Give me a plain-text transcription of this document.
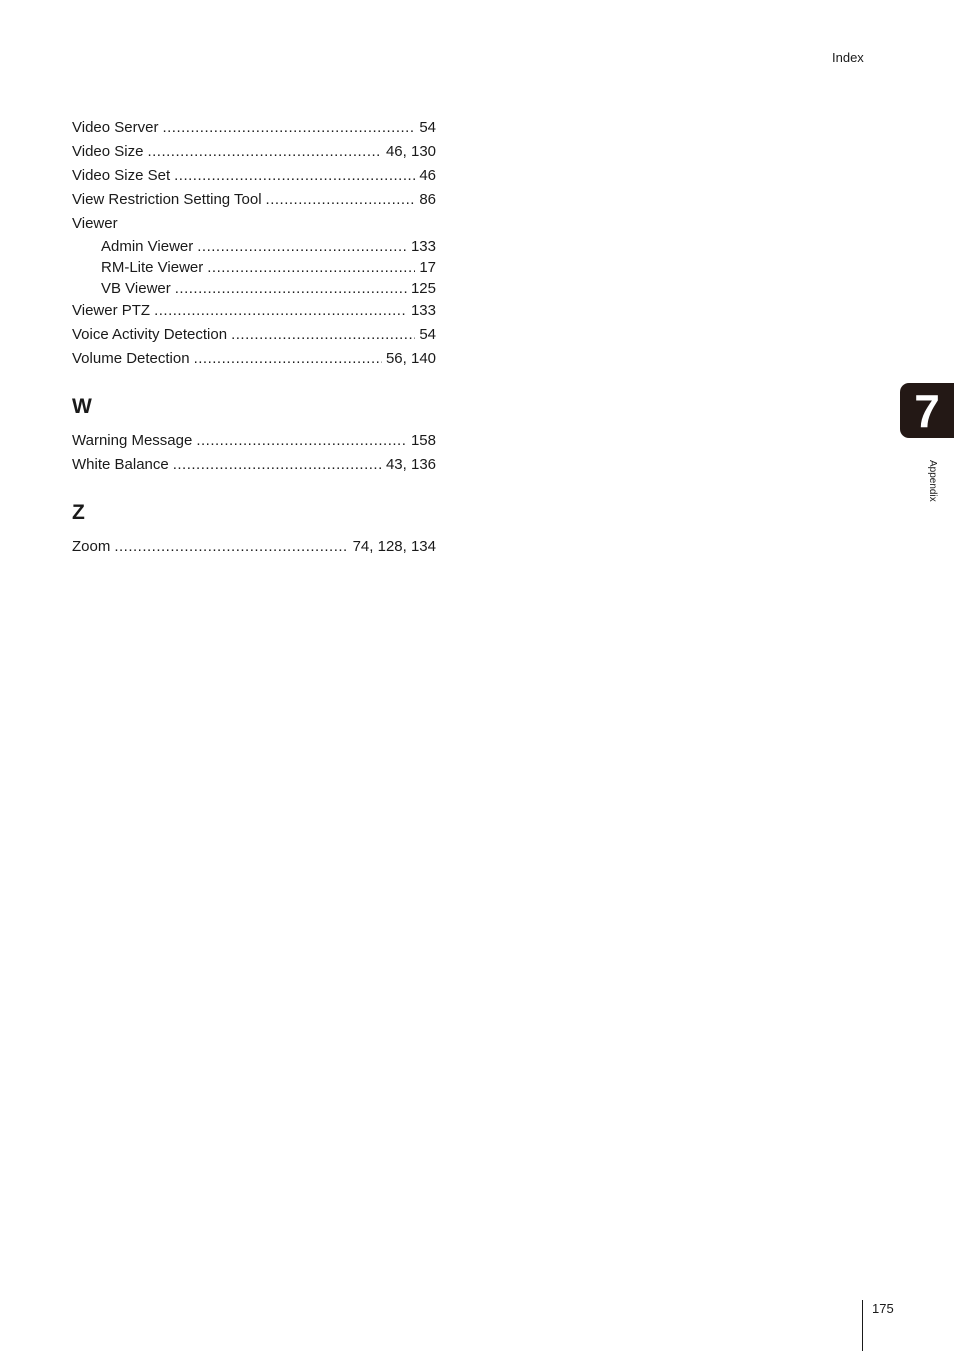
Index
Video Server .....	54
Video Size .....	46, 130
Video Size Set .....	46
View Restriction Setting Tool .....	86
Viewer
Admin Viewer .....	133
RM-Lite Viewer .....	17
VB Viewer .....	125
Viewer PTZ .....	133
Voice Activity Detection .....	54
Volume Detection .....	56, 140
W
Warning Message .....	158
White Balance .....	43, 136
Z
Zoom .....	74, 128, 134
7
Appendix
175
